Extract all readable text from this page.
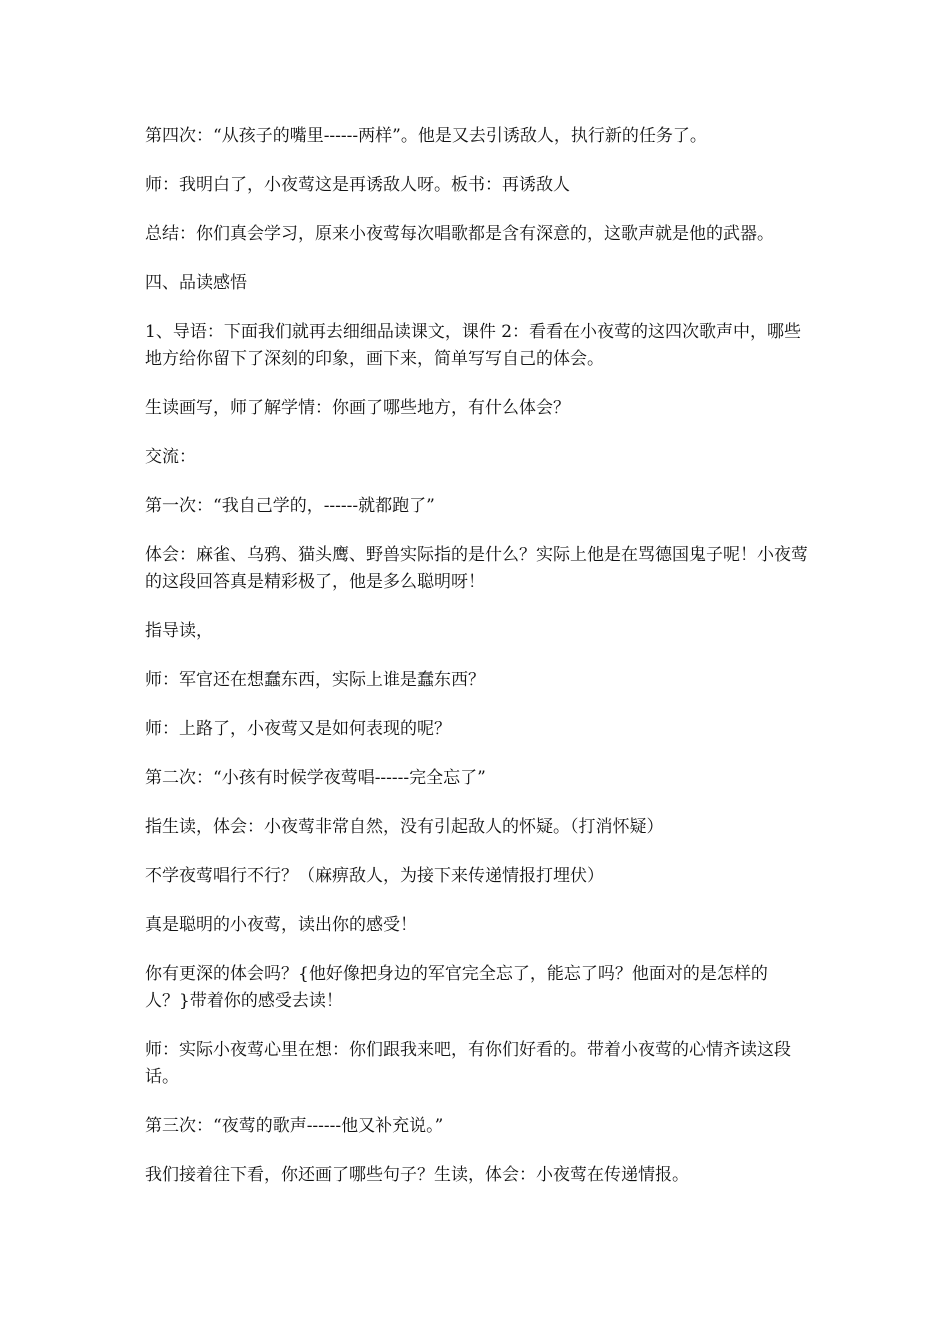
第四次：“从孩子的嘴里------两样”。他是又去引诱敌人，执行新的任务了。

师：我明白了，小夜莺这是再诱敌人呀。板书：再诱敌人

总结：你们真会学习，原来小夜莺每次唱歌都是含有深意的，这歌声就是他的武器。

四、品读感悟

1、导语：下面我们就再去细细品读课文，课件 2：看看在小夜莺的这四次歌声中，哪些地方给你留下了深刻的印象，画下来，简单写写自己的体会。

生读画写，师了解学情：你画了哪些地方，有什么体会？

交流：

第一次：“我自己学的，------就都跑了”

体会：麻雀、乌鸦、猫头鹰、野兽实际指的是什么？实际上他是在骂德国鬼子呢！小夜莺的这段回答真是精彩极了，他是多么聪明呀！

指导读，

师：军官还在想蠢东西，实际上谁是蠢东西？

师：上路了，小夜莺又是如何表现的呢？

第二次：“小孩有时候学夜莺唱------完全忘了”

指生读，体会：小夜莺非常自然，没有引起敌人的怀疑。（打消怀疑）

不学夜莺唱行不行？（麻痹敌人，为接下来传递情报打埋伏）

真是聪明的小夜莺，读出你的感受！

你有更深的体会吗？{他好像把身边的军官完全忘了，能忘了吗？他面对的是怎样的人？}带着你的感受去读！

师：实际小夜莺心里在想：你们跟我来吧，有你们好看的。带着小夜莺的心情齐读这段话。

第三次：“夜莺的歌声------他又补充说。”

我们接着往下看，你还画了哪些句子？生读，体会：小夜莺在传递情报。
